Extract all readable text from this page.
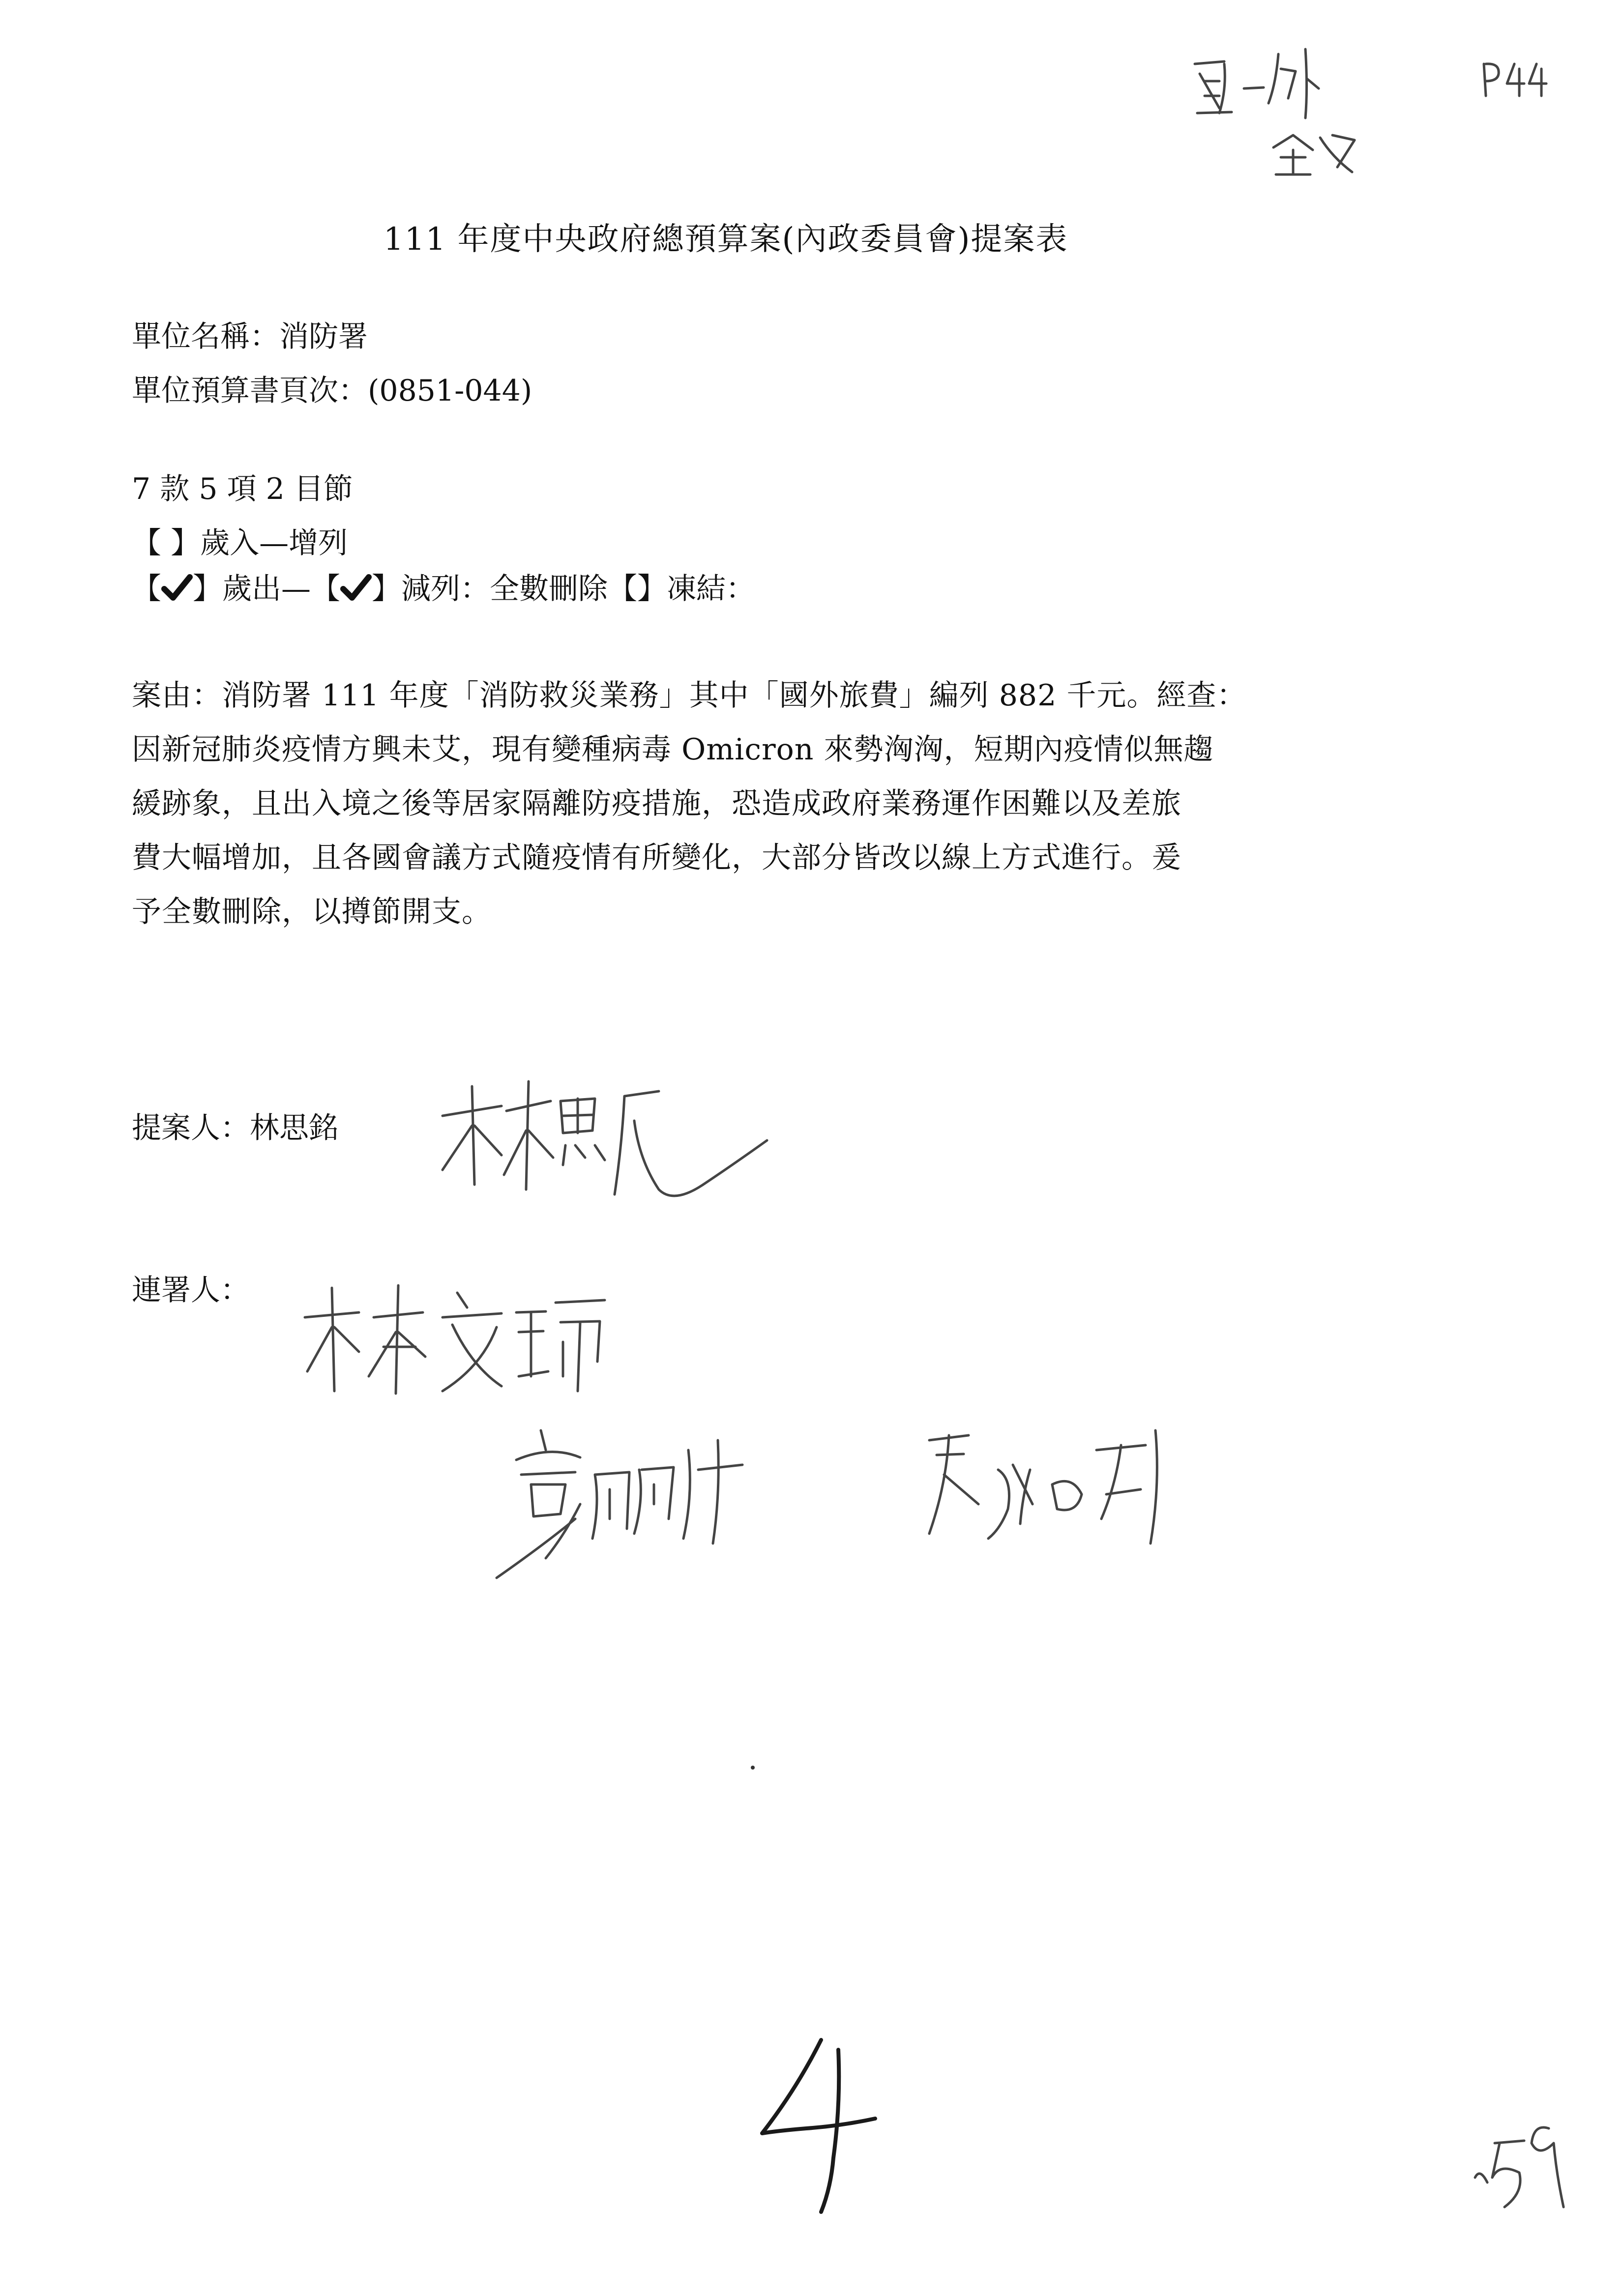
111 年度中央政府總預算案(內政委員會)提案表
單位名稱：消防署
單位預算書頁次：(0851-044)
7 款 5 項 2 目節
【 】歲入—增列
【 】歲出—【 】減列：全數刪除【】凍結：
案由：消防署 111 年度「消防救災業務」其中「國外旅費」編列 882 千元。經查：
因新冠肺炎疫情方興未艾，現有變種病毒 Omicron 來勢洶洶，短期內疫情似無趨
緩跡象，且出入境之後等居家隔離防疫措施，恐造成政府業務運作困難以及差旅
費大幅增加，且各國會議方式隨疫情有所變化，大部分皆改以線上方式進行。爰
予全數刪除，以撙節開支。
提案人：林思銘
連署人：
